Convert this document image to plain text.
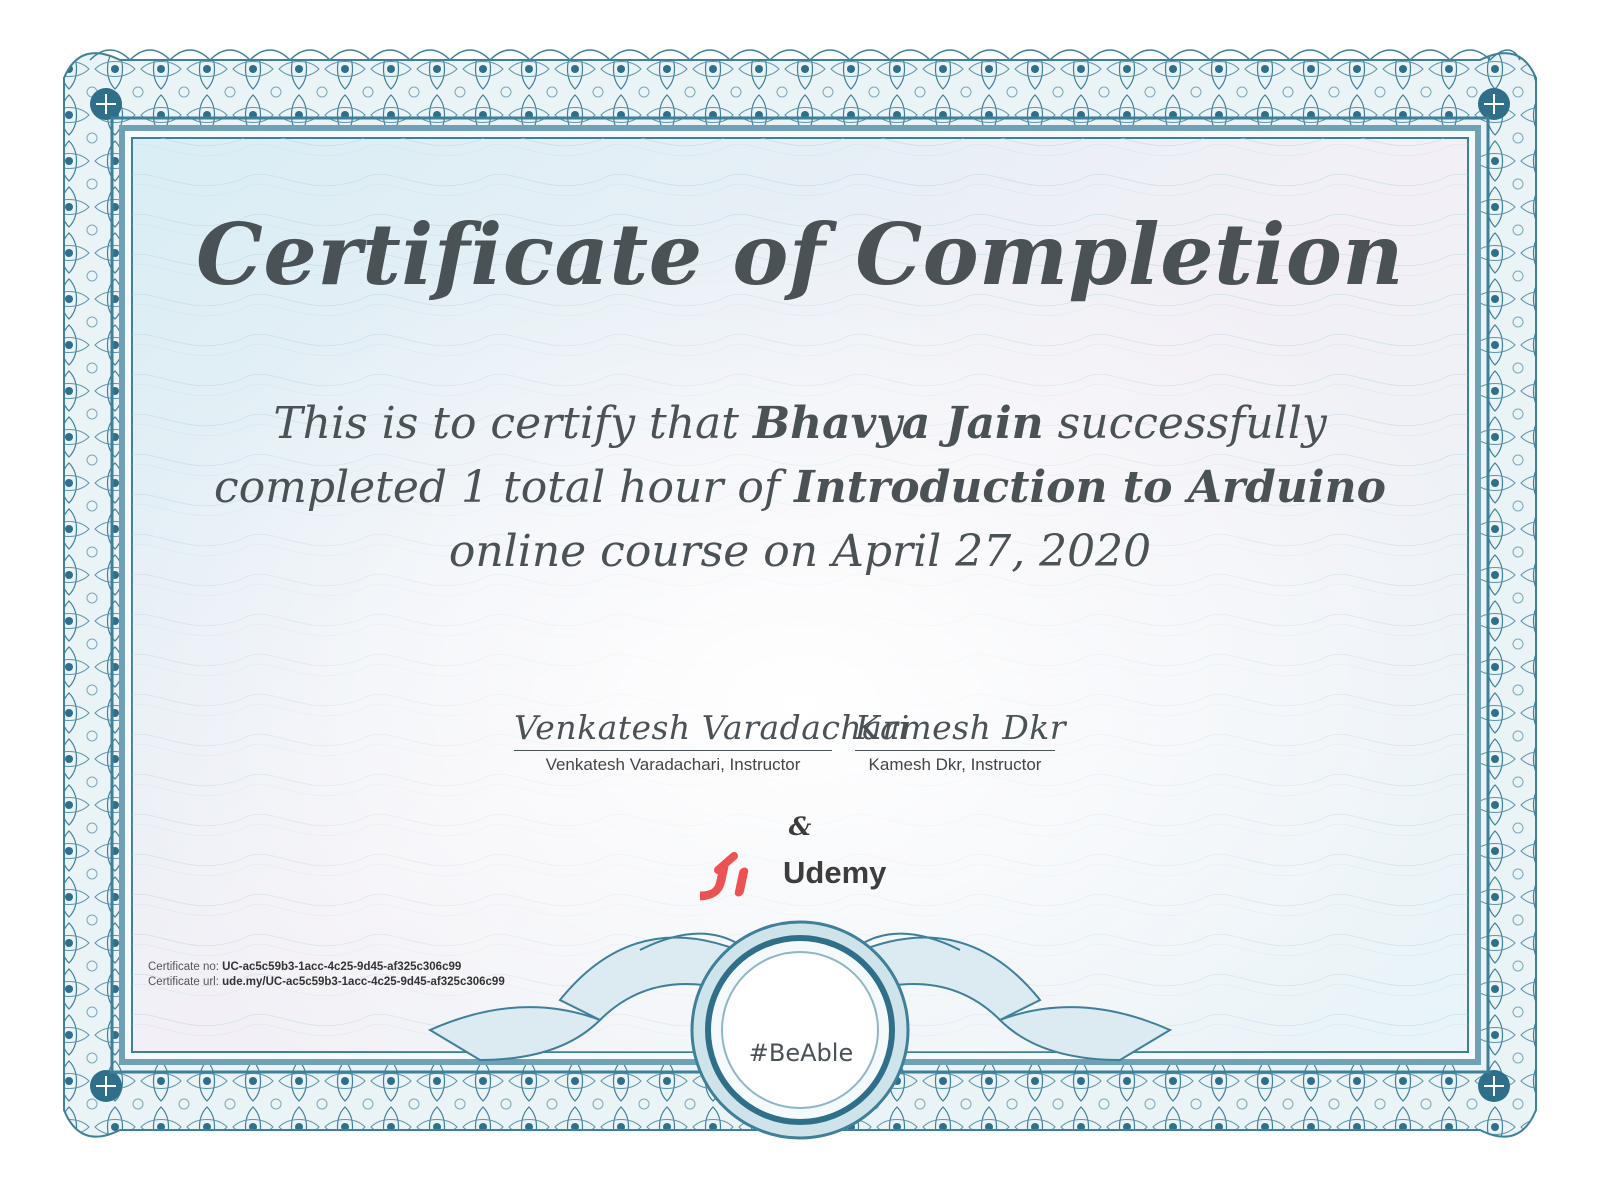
Certificate of Completion
This is to certify that Bhavya Jain successfully
completed 1 total hour of Introduction to Arduino
online course on April 27, 2020
Venkatesh Varadachari
Venkatesh Varadachari, Instructor
Kamesh Dkr
Kamesh Dkr, Instructor
&
Udemy
Certificate no: UC-ac5c59b3-1acc-4c25-9d45-af325c306c99
Certificate url: ude.my/UC-ac5c59b3-1acc-4c25-9d45-af325c306c99
#BeAble
